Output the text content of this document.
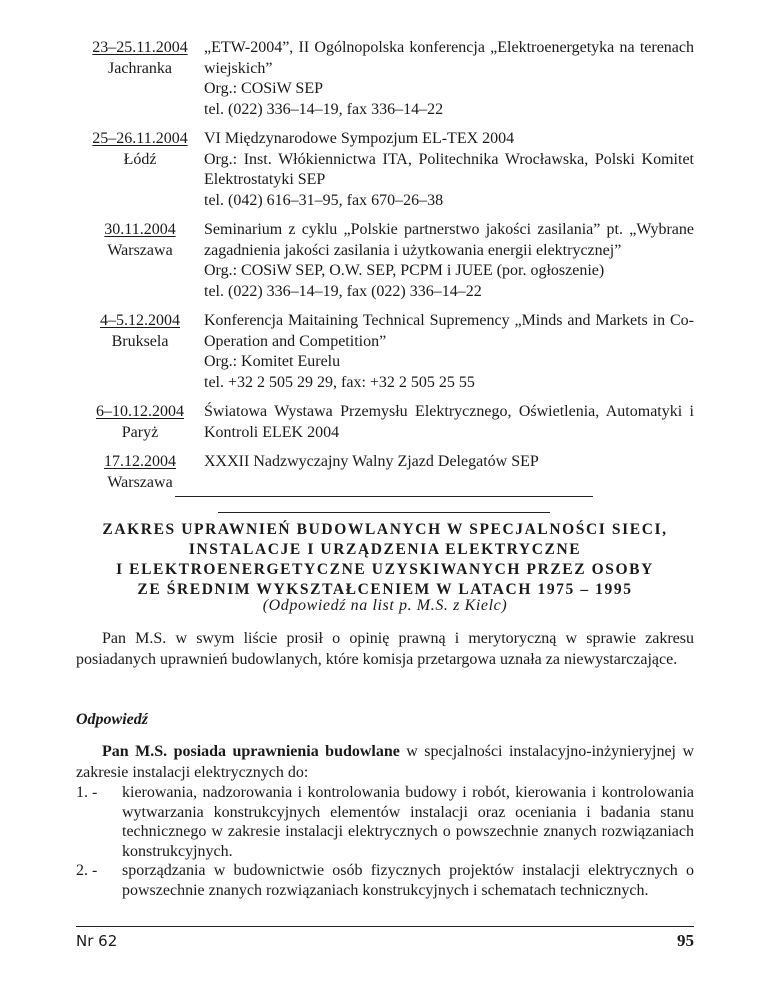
23–25.11.2004
Jachranka
„ETW-2004”, II Ogólnopolska konferencja „Elektroenergetyka na terenach wiejskich”
Org.: COSiW SEP
tel. (022) 336–14–19, fax 336–14–22
25–26.11.2004
Łódź
VI Międzynarodowe Sympozjum EL-TEX 2004
Org.: Inst. Włókiennictwa ITA, Politechnika Wrocławska, Polski Komitet Elektrostatyki SEP
tel. (042) 616–31–95, fax 670–26–38
30.11.2004
Warszawa
Seminarium z cyklu „Polskie partnerstwo jakości zasilania” pt. „Wybrane zagadnienia jakości zasilania i użytkowania energii elektrycznej”
Org.: COSiW SEP, O.W. SEP, PCPM i JUEE (por. ogłoszenie)
tel. (022) 336–14–19, fax (022) 336–14–22
4–5.12.2004
Bruksela
Konferencja Maitaining Technical Supremency „Minds and Markets in Co-Operation and Competition”
Org.: Komitet Eurelu
tel. +32 2 505 29 29, fax: +32 2 505 25 55
6–10.12.2004
Paryż
Światowa Wystawa Przemysłu Elektrycznego, Oświetlenia, Automatyki i Kontroli ELEK 2004
17.12.2004
Warszawa
XXXII Nadzwyczajny Walny Zjazd Delegatów SEP
ZAKRES UPRAWNIEŃ BUDOWLANYCH W SPECJALNOŚCI SIECI,
INSTALACJE I URZĄDZENIA ELEKTRYCZNE
I ELEKTROENERGETYCZNE UZYSKIWANYCH PRZEZ OSOBY
ZE ŚREDNIM WYKSZTAŁCENIEM W LATACH 1975 – 1995
(Odpowiedź na list p. M.S. z Kielc)
Pan M.S. w swym liście prosił o opinię prawną i merytoryczną w sprawie zakresu posiadanych uprawnień budowlanych, które komisja przetargowa uznała za niewystarczające.
Odpowiedź
Pan M.S. posiada uprawnienia budowlane w specjalności instalacyjno-inżynieryjnej w zakresie instalacji elektrycznych do:
1. - kierowania, nadzorowania i kontrolowania budowy i robót, kierowania i kontrolowania wytwarzania konstrukcyjnych elementów instalacji oraz oceniania i badania stanu technicznego w zakresie instalacji elektrycznych o powszechnie znanych rozwiązaniach konstrukcyjnych.
2. - sporządzania w budownictwie osób fizycznych projektów instalacji elektrycznych o powszechnie znanych rozwiązaniach konstrukcyjnych i schematach technicznych.
Nr 62	95
